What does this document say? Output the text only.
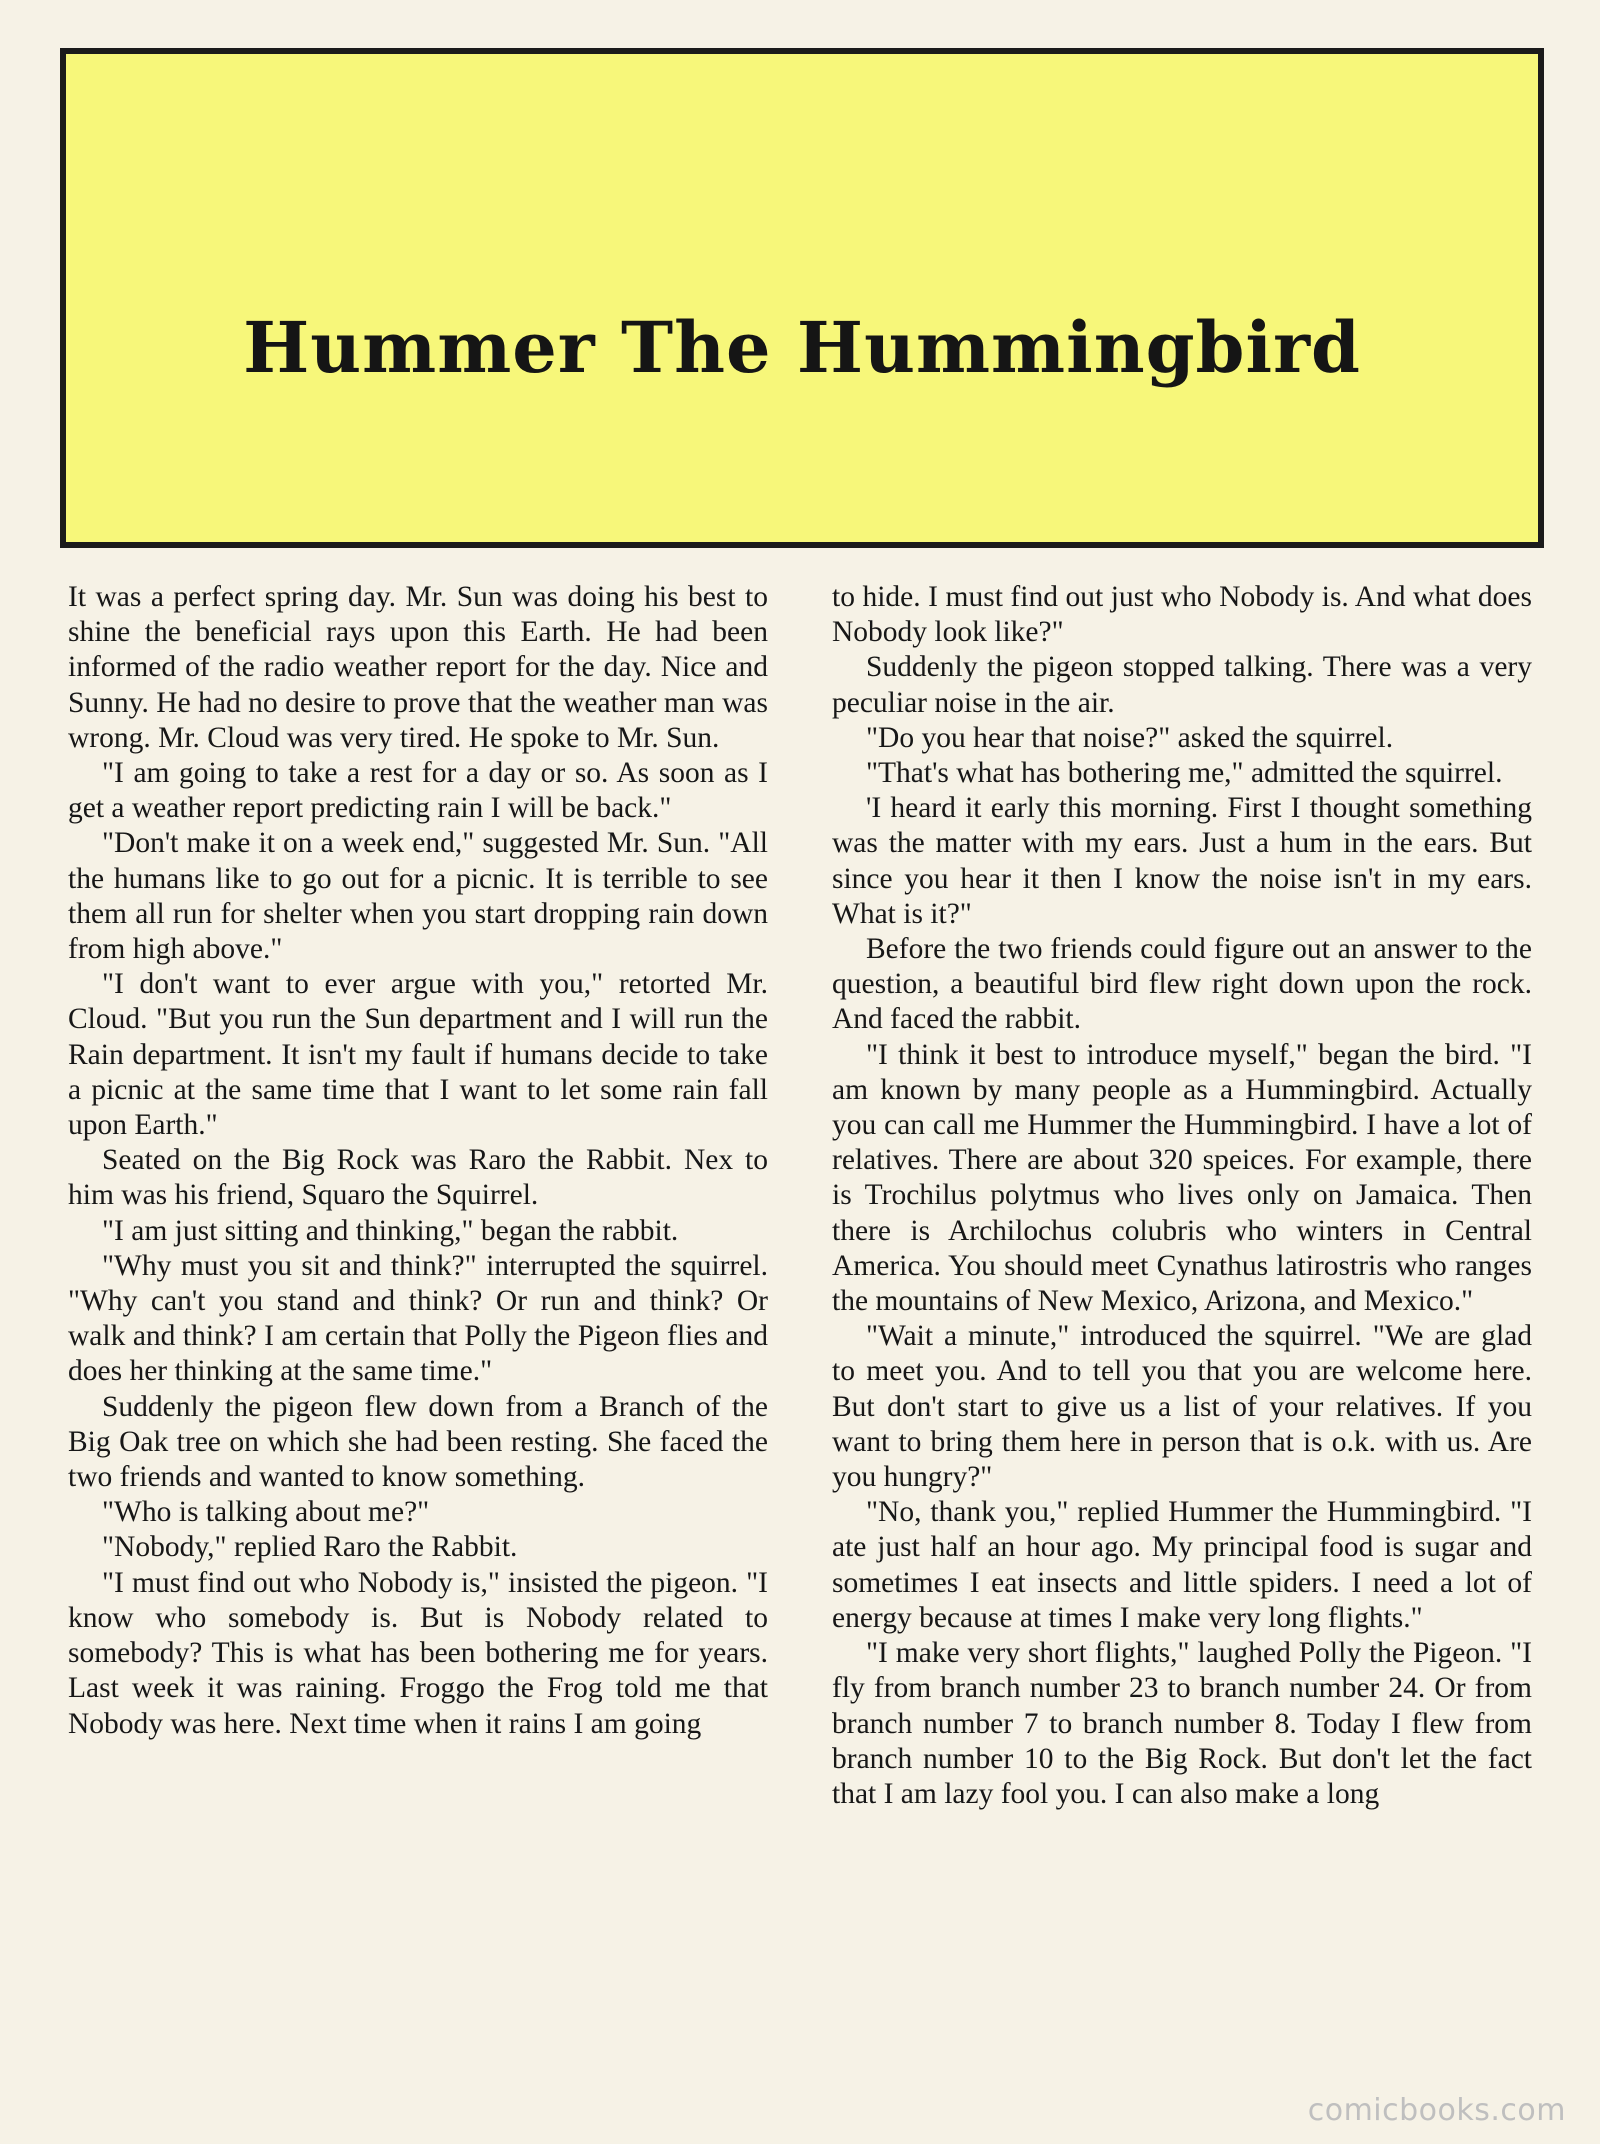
Hummer The Hummingbird

It was a perfect spring day. Mr. Sun was doing his best to shine the beneficial rays upon this Earth. He had been informed of the radio weather report for the day. Nice and Sunny. He had no desire to prove that the weather man was wrong. Mr. Cloud was very tired. He spoke to Mr. Sun.

"I am going to take a rest for a day or so. As soon as I get a weather report predicting rain I will be back."

"Don't make it on a week end," suggested Mr. Sun. "All the humans like to go out for a picnic. It is terrible to see them all run for shelter when you start dropping rain down from high above."

"I don't want to ever argue with you," retorted Mr. Cloud. "But you run the Sun department and I will run the Rain department. It isn't my fault if humans decide to take a picnic at the same time that I want to let some rain fall upon Earth."

Seated on the Big Rock was Raro the Rabbit. Nex to him was his friend, Squaro the Squirrel.

"I am just sitting and thinking," began the rabbit.

"Why must you sit and think?" interrupted the squirrel. "Why can't you stand and think? Or run and think? Or walk and think? I am certain that Polly the Pigeon flies and does her thinking at the same time."

Suddenly the pigeon flew down from a Branch of the Big Oak tree on which she had been resting. She faced the two friends and wanted to know something.

"Who is talking about me?"

"Nobody," replied Raro the Rabbit.

"I must find out who Nobody is," insisted the pigeon. "I know who somebody is. But is Nobody related to somebody? This is what has been bothering me for years. Last week it was raining. Froggo the Frog told me that Nobody was here. Next time when it rains I am going

to hide. I must find out just who Nobody is. And what does Nobody look like?"

Suddenly the pigeon stopped talking. There was a very peculiar noise in the air.

"Do you hear that noise?" asked the squirrel.

"That's what has bothering me," admitted the squirrel.

'I heard it early this morning. First I thought something was the matter with my ears. Just a hum in the ears. But since you hear it then I know the noise isn't in my ears. What is it?"

Before the two friends could figure out an answer to the question, a beautiful bird flew right down upon the rock. And faced the rabbit.

"I think it best to introduce myself," began the bird. "I am known by many people as a Hummingbird. Actually you can call me Hummer the Hummingbird. I have a lot of relatives. There are about 320 speices. For example, there is Trochilus polytmus who lives only on Jamaica. Then there is Archilochus colubris who winters in Central America. You should meet Cynathus latirostris who ranges the mountains of New Mexico, Arizona, and Mexico."

"Wait a minute," introduced the squirrel. "We are glad to meet you. And to tell you that you are welcome here. But don't start to give us a list of your relatives. If you want to bring them here in person that is o.k. with us. Are you hungry?"

"No, thank you," replied Hummer the Hummingbird. "I ate just half an hour ago. My principal food is sugar and sometimes I eat insects and little spiders. I need a lot of energy because at times I make very long flights."

"I make very short flights," laughed Polly the Pigeon. "I fly from branch number 23 to branch number 24. Or from branch number 7 to branch number 8. Today I flew from branch number 10 to the Big Rock. But don't let the fact that I am lazy fool you. I can also make a long

comicbooks.com
